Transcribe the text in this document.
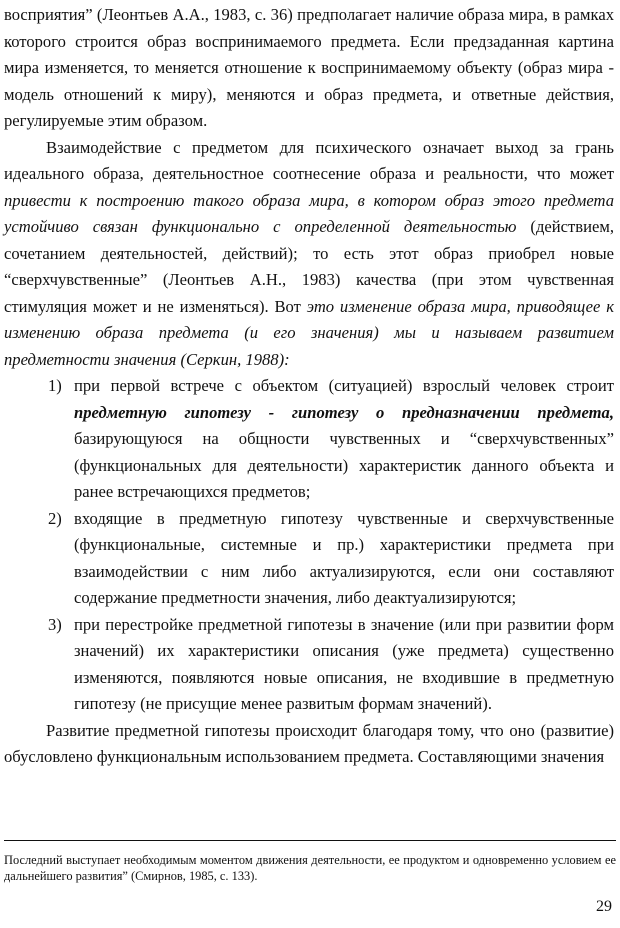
восприятия” (Леонтьев А.А., 1983, с. 36) предполагает наличие образа мира, в рамках которого строится образ воспринимаемого предмета. Если предзаданная картина мира изменяется, то меняется отношение к воспринимаемому объекту (образ мира - модель отношений к миру), меняются и образ предмета, и ответные действия, регулируемые этим образом.

Взаимодействие с предметом для психического означает выход за грань идеального образа, деятельностное соотнесение образа и реальности, что может привести к построению такого образа мира, в котором образ этого предмета устойчиво связан функционально с определенной деятельностью (действием, сочетанием деятельностей, действий); то есть этот образ приобрел новые “сверхчувственные” (Леонтьев А.Н., 1983) качества (при этом чувственная стимуляция может и не изменяться). Вот это изменение образа мира, приводящее к изменению образа предмета (и его значения) мы и называем развитием предметности значения (Серкин, 1988):

1) при первой встрече с объектом (ситуацией) взрослый человек строит предметную гипотезу - гипотезу о предназначении предмета, базирующуюся на общности чувственных и “сверхчувственных” (функциональных для деятельности) характеристик данного объекта и ранее встречающихся предметов;
2) входящие в предметную гипотезу чувственные и сверхчувственные (функциональные, системные и пр.) характеристики предмета при взаимодействии с ним либо актуализируются, если они составляют содержание предметности значения, либо деактуализируются;
3) при перестройке предметной гипотезы в значение (или при развитии форм значений) их характеристики описания (уже предмета) существенно изменяются, появляются новые описания, не входившие в предметную гипотезу (не присущие менее развитым формам значений).

Развитие предметной гипотезы происходит благодаря тому, что оно (развитие) обусловлено функциональным использованием предмета. Составляющими значения

Последний выступает необходимым моментом движения деятельности, ее продуктом и одновременно условием ее дальнейшего развития” (Смирнов, 1985, с. 133).
29
